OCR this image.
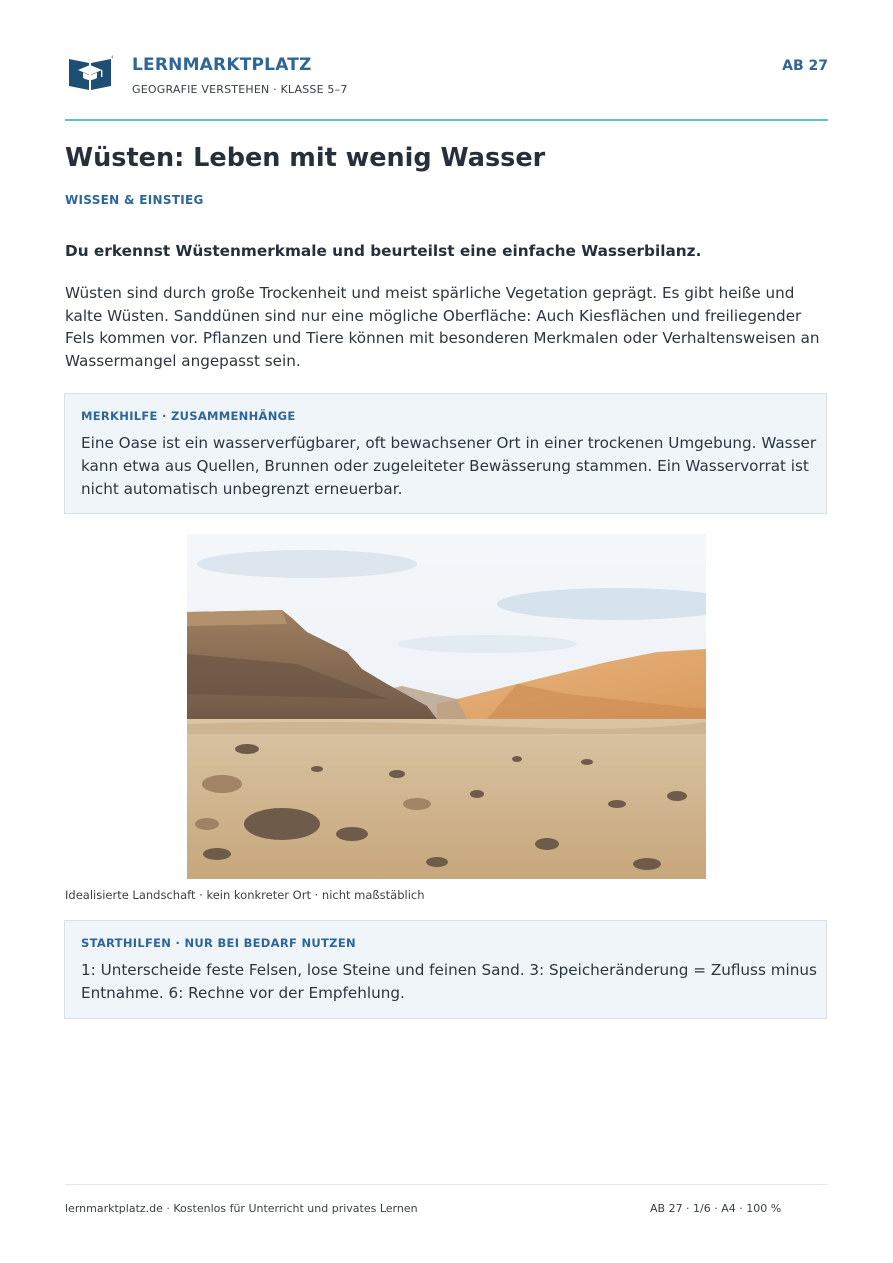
LERNMARKTPLATZ
GEOGRAFIE VERSTEHEN · KLASSE 5–7
AB 27
Wüsten: Leben mit wenig Wasser
WISSEN & EINSTIEG
Du erkennst Wüstenmerkmale und beurteilst eine einfache Wasserbilanz.

Wüsten sind durch große Trockenheit und meist spärliche Vegetation geprägt. Es gibt heiße und kalte Wüsten. Sanddünen sind nur eine mögliche Oberfläche: Auch Kiesflächen und freiliegender Fels kommen vor. Pflanzen und Tiere können mit besonderen Merkmalen oder Verhaltensweisen an Wassermangel angepasst sein.

MERKHILFE · ZUSAMMENHÄNGE

Eine Oase ist ein wasserverfügbarer, oft bewachsener Ort in einer trockenen Umgebung. Wasser kann etwa aus Quellen, Brunnen oder zugeleiteter Bewässerung stammen. Ein Wasservorrat ist nicht automatisch unbegrenzt erneuerbar.

Idealisierte Landschaft · kein konkreter Ort · nicht maßstäblich
STARTHILFEN · NUR BEI BEDARF NUTZEN

1: Unterscheide feste Felsen, lose Steine und feinen Sand. 3: Speicheränderung = Zufluss minus Entnahme. 6: Rechne vor der Empfehlung.

lernmarktplatz.de · Kostenlos für Unterricht und privates Lernen	AB 27 · 1/6 · A4 · 100 %
